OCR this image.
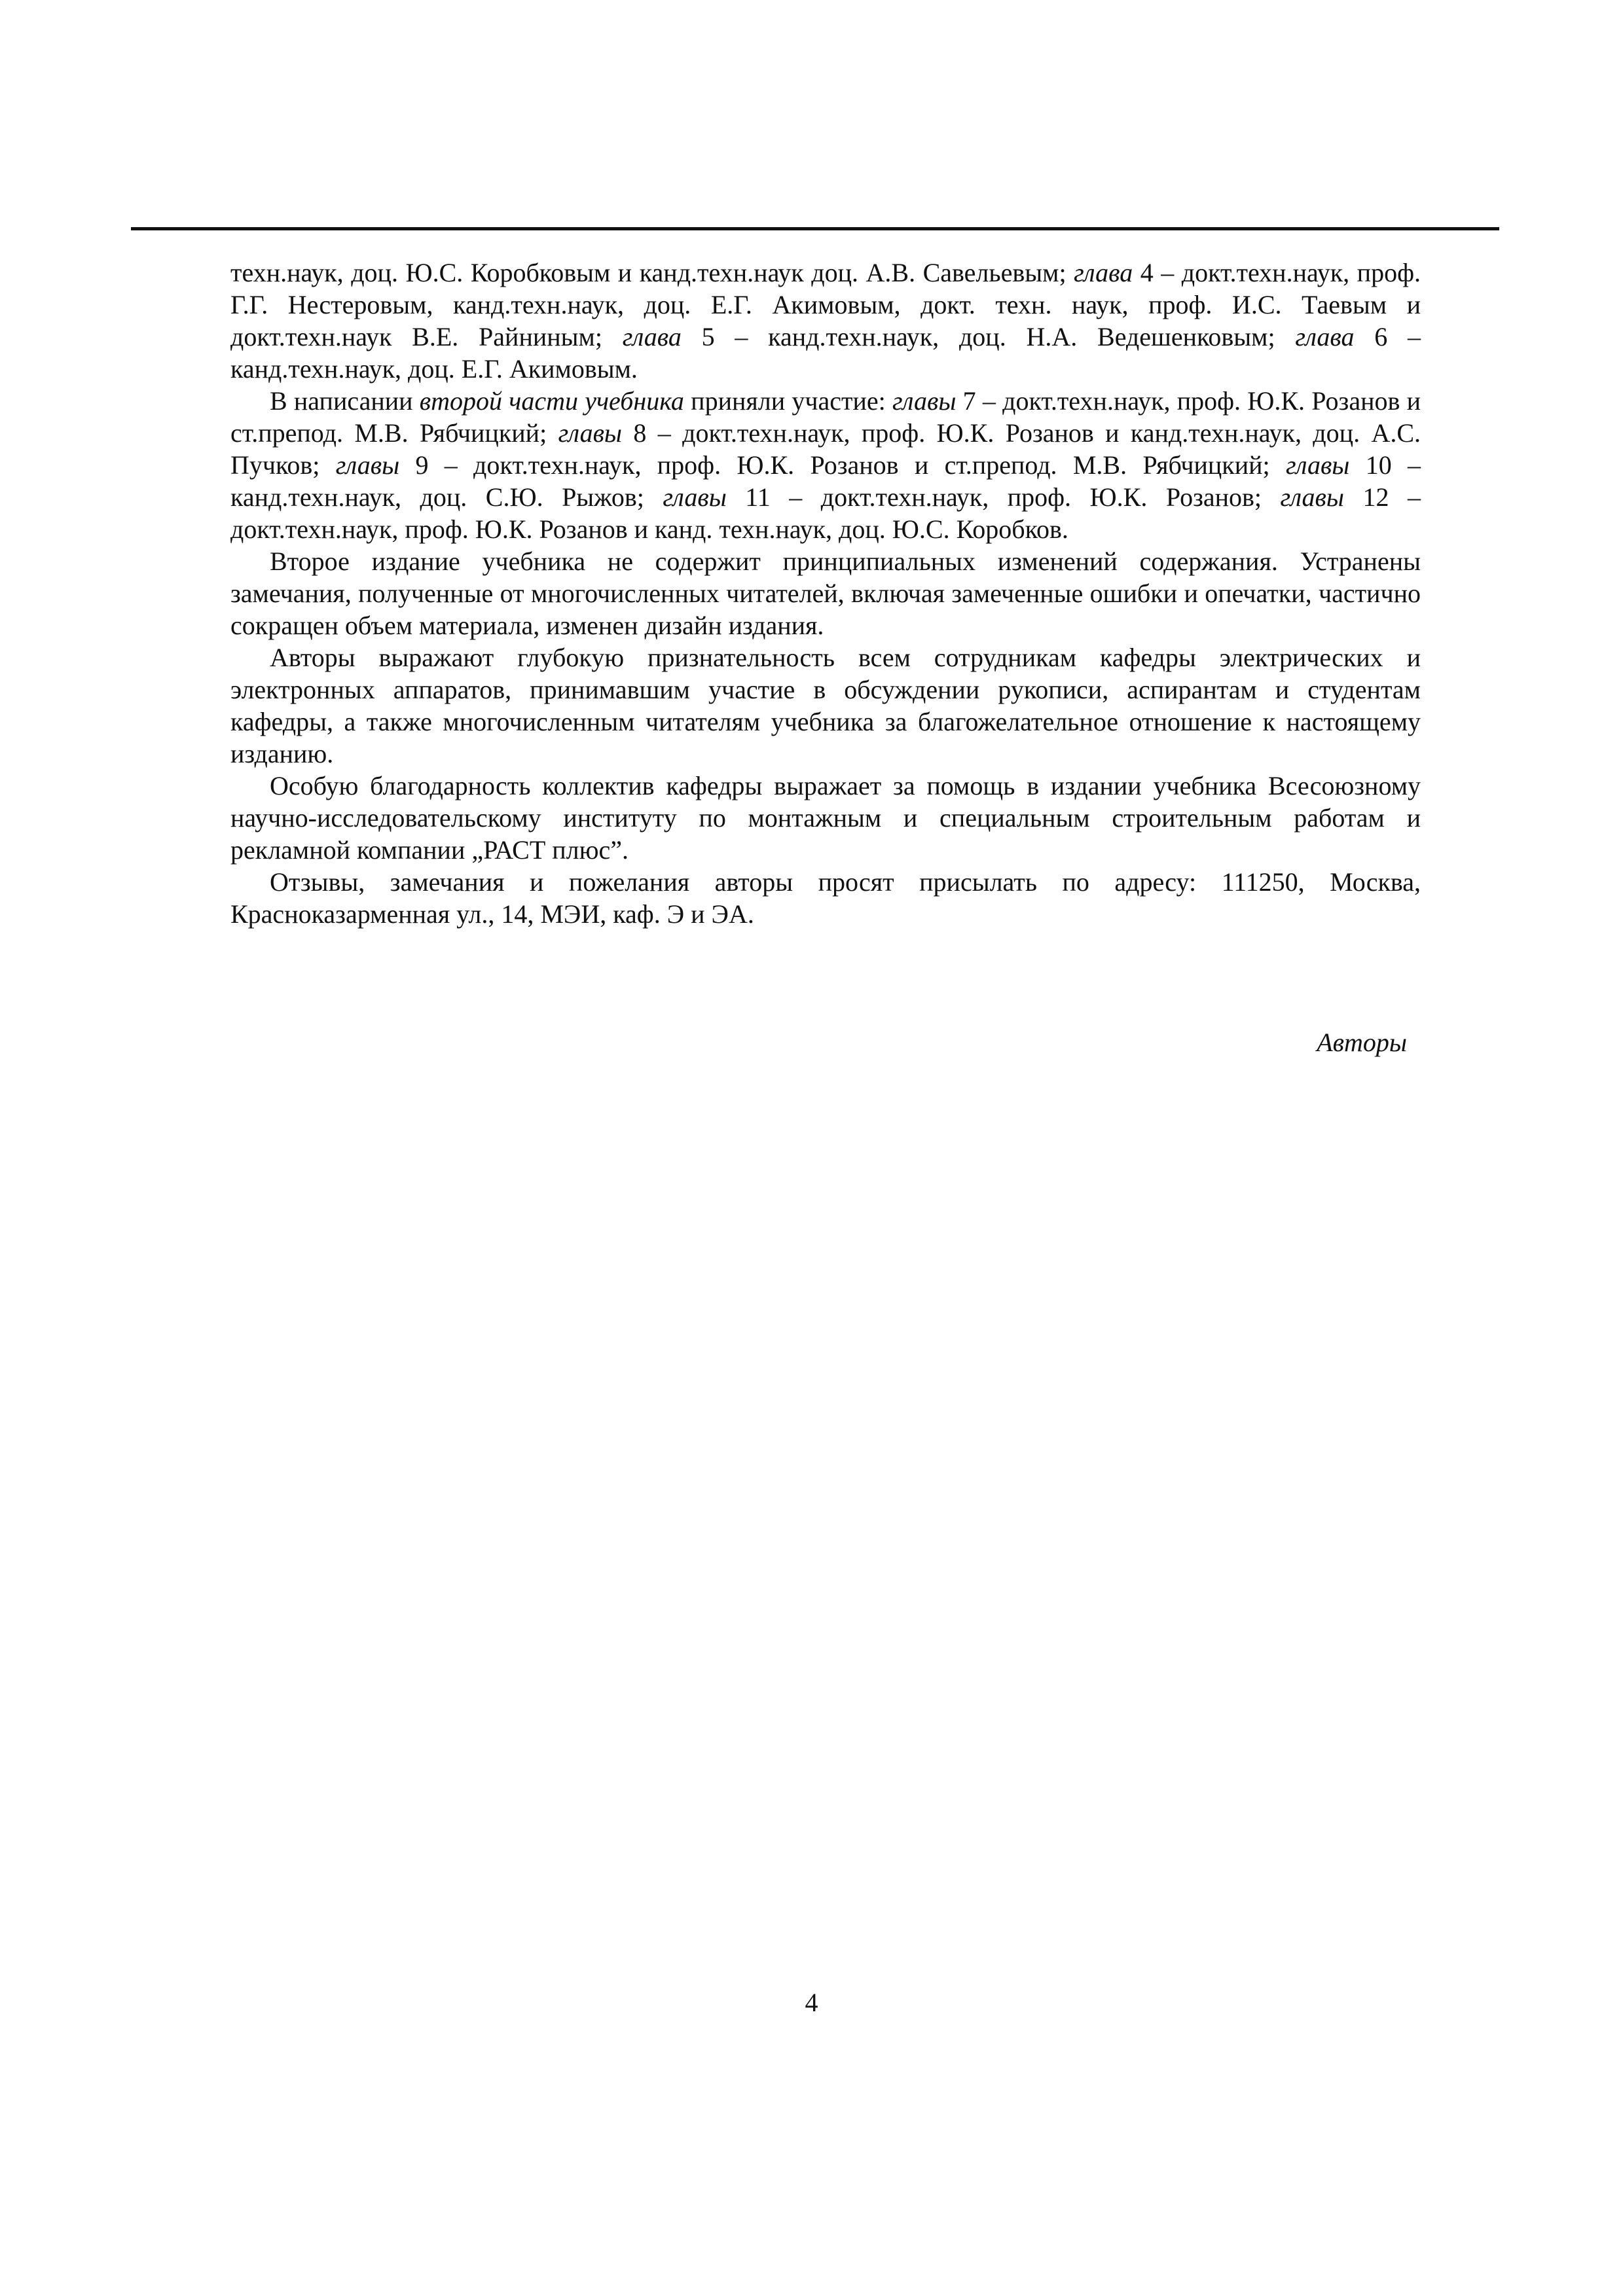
техн.наук, доц. Ю.С. Коробковым и канд.техн.наук доц. А.В. Савельевым; глава 4 – докт.техн.наук, проф. Г.Г. Нестеровым, канд.техн.наук, доц. Е.Г. Акимовым, докт. техн. наук, проф. И.С. Таевым и докт.техн.наук В.Е. Райниным; глава 5 – канд.техн.наук, доц. Н.А. Ведешенковым; глава 6 – канд.техн.наук, доц. Е.Г. Акимовым.

В написании второй части учебника приняли участие: главы 7 – докт.техн.наук, проф. Ю.К. Розанов и ст.препод. М.В. Рябчицкий; главы 8 – докт.техн.наук, проф. Ю.К. Розанов и канд.техн.наук, доц. А.С. Пучков; главы 9 – докт.техн.наук, проф. Ю.К. Розанов и ст.препод. М.В. Рябчицкий; главы 10 – канд.техн.наук, доц. С.Ю. Рыжов; главы 11 – докт.техн.наук, проф. Ю.К. Розанов; главы 12 – докт.техн.наук, проф. Ю.К. Розанов и канд. техн.наук, доц. Ю.С. Коробков.

Второе издание учебника не содержит принципиальных изменений содержания. Устранены замечания, полученные от многочисленных читателей, включая замеченные ошибки и опечатки, частично сокращен объем материала, изменен дизайн издания.

Авторы выражают глубокую признательность всем сотрудникам кафедры электрических и электронных аппаратов, принимавшим участие в обсуждении рукописи, аспирантам и студентам кафедры, а также многочисленным читателям учебника за благожелательное отношение к настоящему изданию.

Особую благодарность коллектив кафедры выражает за помощь в издании учебника Всесоюзному научно-исследовательскому институту по монтажным и специальным строительным работам и рекламной компании „РАСТ плюс”.

Отзывы, замечания и пожелания авторы просят присылать по адресу: 111250, Москва, Красноказарменная ул., 14, МЭИ, каф. Э и ЭА.

Авторы
4
